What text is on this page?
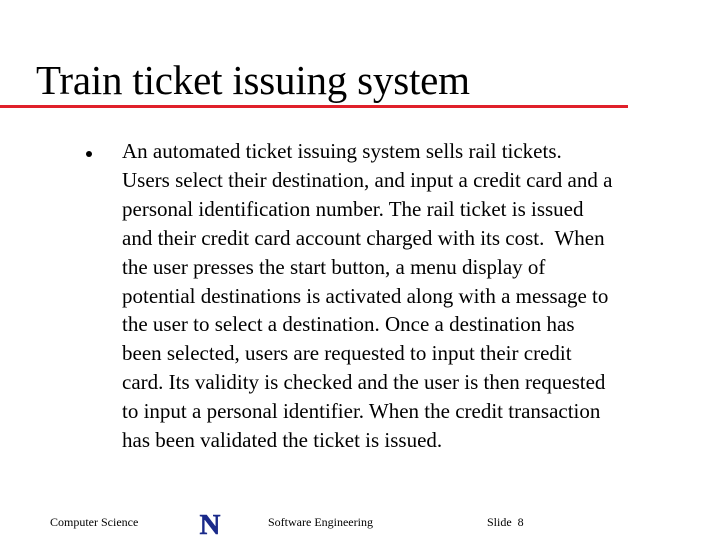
Train ticket issuing system
An automated ticket issuing system sells rail tickets.
Users select their destination, and input a credit card and a
personal identification number. The rail ticket is issued
and their credit card account charged with its cost.  When
the user presses the start button, a menu display of
potential destinations is activated along with a message to
the user to select a destination. Once a destination has
been selected, users are requested to input their credit
card. Its validity is checked and the user is then requested
to input a personal identifier. When the credit transaction
has been validated the ticket is issued.
Computer Science N	Software Engineering	Slide  8
